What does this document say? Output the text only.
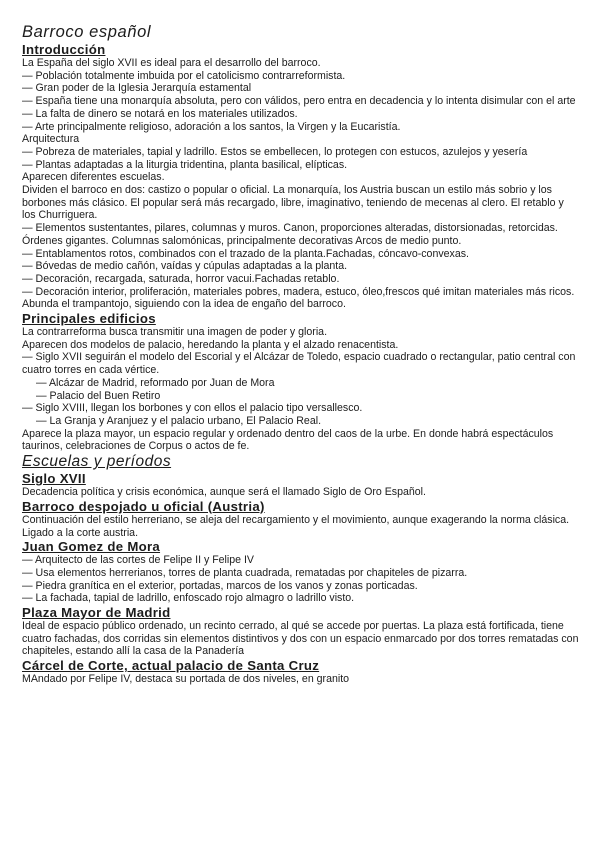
Barroco español
Introducción

La España del siglo XVII es ideal para el desarrollo del barroco.

— Población totalmente imbuida por el catolicismo contrarreformista.

— Gran poder de la Iglesia Jerarquía estamental

— España tiene una monarquía absoluta, pero con válidos, pero entra en decadencia y lo intenta disimular con el arte

— La falta de dinero se notará en los materiales utilizados.

— Arte principalmente religioso, adoración a los santos, la Virgen y la Eucaristía.

Arquitectura

— Pobreza de materiales, tapial y ladrillo. Estos se embellecen, lo protegen con estucos, azulejos y yesería

— Plantas adaptadas a la liturgia tridentina, planta basilical, elípticas.

Aparecen diferentes escuelas.

Dividen el barroco en dos: castizo o popular o oficial. La monarquía, los Austria buscan un estilo más sobrio y los borbones más clásico. El popular será más recargado, libre, imaginativo, teniendo de mecenas al clero. El retablo y los Churriguera.

— Elementos sustentantes, pilares, columnas y muros. Canon, proporciones alteradas, distorsionadas, retorcidas. Órdenes gigantes. Columnas salomónicas, principalmente decorativas Arcos de medio punto.

— Entablamentos rotos, combinados con el trazado de la planta.Fachadas, cóncavo-convexas.

— Bóvedas de medio cañón, vaídas y cúpulas adaptadas a la planta.

— Decoración, recargada, saturada, horror vacui.Fachadas retablo.

— Decoración interior, proliferación, materiales pobres, madera, estuco, óleo,frescos qué imitan materiales más ricos. Abunda el trampantojo, siguiendo con la idea de engaño del barroco.

Principales edificios

La contrarreforma busca transmitir una imagen de poder y gloria.

Aparecen dos modelos de palacio, heredando la planta y el alzado renacentista.

— Siglo XVII seguirán el modelo del Escorial y el Alcázar de Toledo, espacio cuadrado o rectangular, patio central con cuatro torres en cada vértice.

— Alcázar de Madrid, reformado por Juan de Mora

— Palacio del Buen Retiro

— Siglo XVIII, llegan los borbones y con ellos el palacio tipo versallesco.

— La Granja y Aranjuez y el palacio urbano, El Palacio Real.

Aparece la plaza mayor, un espacio regular y ordenado dentro del caos de la urbe. En donde habrá espectáculos taurinos, celebraciones de Corpus o actos de fe.

Escuelas y períodos
Siglo XVII

Decadencia política y crisis económica, aunque será el llamado Siglo de Oro Español.

Barroco despojado u oficial (Austria)

Continuación del estilo herreriano, se aleja del recargamiento y el movimiento, aunque exagerando la norma clásica. Ligado a la corte austria.

Juan Gomez de Mora

— Arquitecto de las cortes de Felipe II y Felipe IV

— Usa elementos herrerianos, torres de planta cuadrada, rematadas por chapiteles de pizarra.

— Piedra granítica en el exterior, portadas, marcos de los vanos y zonas porticadas.

— La fachada, tapial de ladrillo, enfoscado rojo almagro o ladrillo visto.

Plaza Mayor de Madrid

Ideal de espacio público ordenado, un recinto cerrado, al qué se accede por puertas. La plaza está fortificada, tiene cuatro fachadas, dos corridas sin elementos distintivos y dos con un espacio enmarcado por dos torres rematadas con chapiteles, estando allí la casa de la Panadería

Cárcel de Corte, actual palacio de Santa Cruz

MAndado por Felipe IV, destaca su portada de dos niveles, en granito
